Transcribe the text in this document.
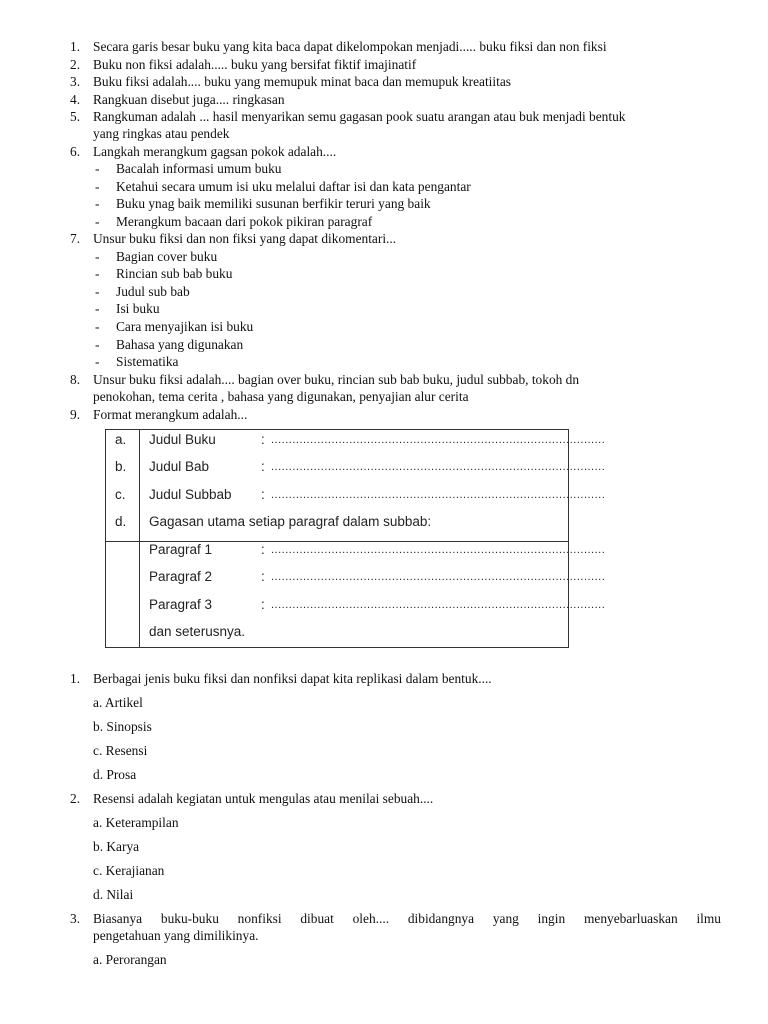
1. Secara garis besar buku yang kita baca dapat dikelompokan menjadi..... buku fiksi dan non fiksi
2. Buku non fiksi adalah..... buku yang bersifat fiktif imajinatif
3. Buku fiksi adalah.... buku yang memupuk minat baca dan memupuk kreatiitas
4. Rangkuan disebut juga.... ringkasan
5. Rangkuman adalah ... hasil menyarikan semu gagasan pook suatu arangan atau buk menjadi bentuk
yang ringkas atau pendek
6. Langkah merangkum gagsan pokok adalah....
- Bacalah informasi umum buku
- Ketahui secara umum isi uku melalui daftar isi dan kata pengantar
- Buku ynag baik memiliki susunan berfikir teruri yang baik
- Merangkum bacaan dari pokok pikiran paragraf
7. Unsur buku fiksi dan non fiksi yang dapat dikomentari...
- Bagian cover buku
- Rincian sub bab buku
- Judul sub bab
- Isi buku
- Cara menyajikan isi buku
- Bahasa yang digunakan
- Sistematika
8. Unsur buku fiksi adalah.... bagian over buku, rincian sub bab buku, judul subbab, tokoh dn
penokohan, tema cerita , bahasa yang digunakan, penyajian alur cerita
9. Format merangkum adalah...
a. Judul Buku	: ..............................................................................................
b. Judul Bab	: ..............................................................................................
c. Judul Subbab : ..............................................................................................
d. Gagasan utama setiap paragraf dalam subbab:
Paragraf 1	: ..............................................................................................
Paragraf 2	: ..............................................................................................
Paragraf 3	: ..............................................................................................
dan seterusnya.
1. Berbagai jenis buku fiksi dan nonfiksi dapat kita replikasi dalam bentuk....
a. Artikel
b. Sinopsis
c. Resensi
d. Prosa
2. Resensi adalah kegiatan untuk mengulas atau menilai sebuah....
a. Keterampilan
b. Karya
c. Kerajianan
d. Nilai
3. Biasanya buku-buku nonfiksi dibuat oleh.... dibidangnya yang ingin menyebarluaskan ilmu
pengetahuan yang dimilikinya.
a. Perorangan
